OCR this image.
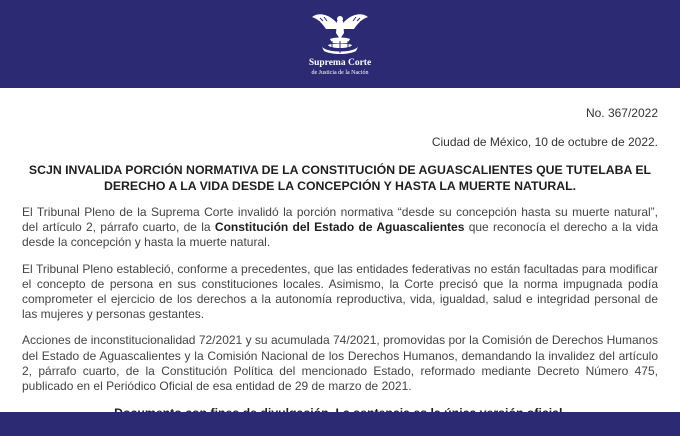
Suprema Corte
de Justicia de la Nación
No. 367/2022
Ciudad de México, 10 de octubre de 2022.
SCJN INVALIDA PORCIÓN NORMATIVA DE LA CONSTITUCIÓN DE AGUASCALIENTES QUE TUTELABA EL
DERECHO A LA VIDA DESDE LA CONCEPCIÓN Y HASTA LA MUERTE NATURAL.
El Tribunal Pleno de la Suprema Corte invalidó la porción normativa “desde su concepción hasta su muerte natural”, del artículo 2, párrafo cuarto, de la Constitución del Estado de Aguascalientes que reconocía el derecho a la vida desde la concepción y hasta la muerte natural.
El Tribunal Pleno estableció, conforme a precedentes, que las entidades federativas no están facultadas para modificar el concepto de persona en sus constituciones locales. Asimismo, la Corte precisó que la norma impugnada podía comprometer el ejercicio de los derechos a la autonomía reproductiva, vida, igualdad, salud e integridad personal de las mujeres y personas gestantes.
Acciones de inconstitucionalidad 72/2021 y su acumulada 74/2021, promovidas por la Comisión de Derechos Humanos del Estado de Aguascalientes y la Comisión Nacional de los Derechos Humanos, demandando la invalidez del artículo 2, párrafo cuarto, de la Constitución Política del mencionado Estado, reformado mediante Decreto Número 475, publicado en el Periódico Oficial de esa entidad de 29 de marzo de 2021.
